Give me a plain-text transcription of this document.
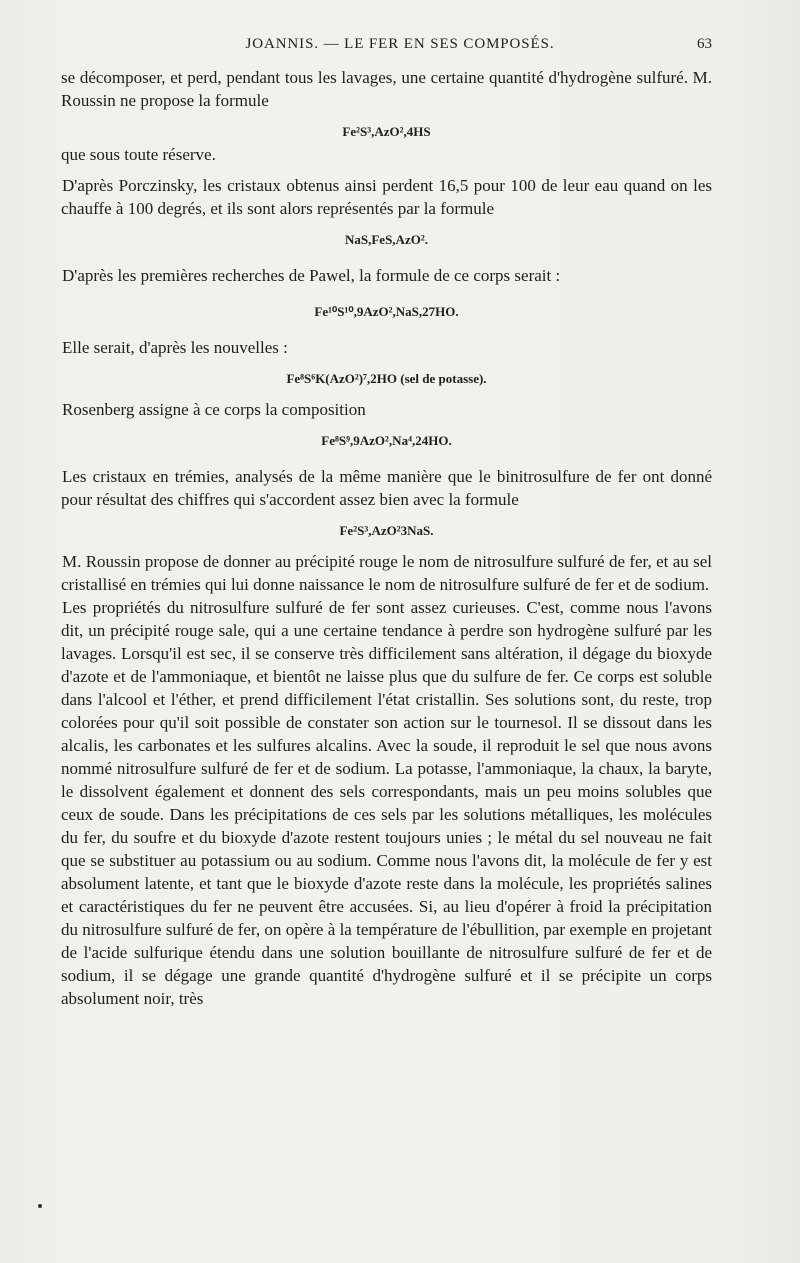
JOANNIS. — LE FER EN SES COMPOSÉS.	63

se décomposer, et perd, pendant tous les lavages, une certaine quantité d'hydrogène sulfuré. M. Roussin ne propose la formule

Fe²S³,AzO²,4HS

que sous toute réserve.

D'après Porczinsky, les cristaux obtenus ainsi perdent 16,5 pour 100 de leur eau quand on les chauffe à 100 degrés, et ils sont alors représentés par la formule

NaS,FeS,AzO².

D'après les premières recherches de Pawel, la formule de ce corps serait :

Fe¹⁰S¹⁰,9AzO²,NaS,27HO.

Elle serait, d'après les nouvelles :

Fe⁸S⁶K(AzO²)⁷,2HO (sel de potasse).

Rosenberg assigne à ce corps la composition

Fe⁸S⁹,9AzO²,Na⁴,24HO.

Les cristaux en trémies, analysés de la même manière que le binitrosulfure de fer ont donné pour résultat des chiffres qui s'accordent assez bien avec la formule

Fe²S³,AzO²3NaS.

M. Roussin propose de donner au précipité rouge le nom de nitrosulfure sulfuré de fer, et au sel cristallisé en trémies qui lui donne naissance le nom de nitrosulfure sulfuré de fer et de sodium.

Les propriétés du nitrosulfure sulfuré de fer sont assez curieuses. C'est, comme nous l'avons dit, un précipité rouge sale, qui a une certaine tendance à perdre son hydrogène sulfuré par les lavages. Lorsqu'il est sec, il se conserve très difficilement sans altération, il dégage du bioxyde d'azote et de l'ammoniaque, et bientôt ne laisse plus que du sulfure de fer. Ce corps est soluble dans l'alcool et l'éther, et prend difficilement l'état cristallin. Ses solutions sont, du reste, trop colorées pour qu'il soit possible de constater son action sur le tournesol. Il se dissout dans les alcalis, les carbonates et les sulfures alcalins. Avec la soude, il reproduit le sel que nous avons nommé nitrosulfure sulfuré de fer et de sodium. La potasse, l'ammoniaque, la chaux, la baryte, le dissolvent également et donnent des sels correspondants, mais un peu moins solubles que ceux de soude. Dans les précipitations de ces sels par les solutions métalliques, les molécules du fer, du soufre et du bioxyde d'azote restent toujours unies ; le métal du sel nouveau ne fait que se substituer au potassium ou au sodium. Comme nous l'avons dit, la molécule de fer y est absolument latente, et tant que le bioxyde d'azote reste dans la molécule, les propriétés salines et caractéristiques du fer ne peuvent être accusées. Si, au lieu d'opérer à froid la précipitation du nitrosulfure sulfuré de fer, on opère à la température de l'ébullition, par exemple en projetant de l'acide sulfurique étendu dans une solution bouillante de nitrosulfure sulfuré de fer et de sodium, il se dégage une grande quantité d'hydrogène sulfuré et il se précipite un corps absolument noir, très
